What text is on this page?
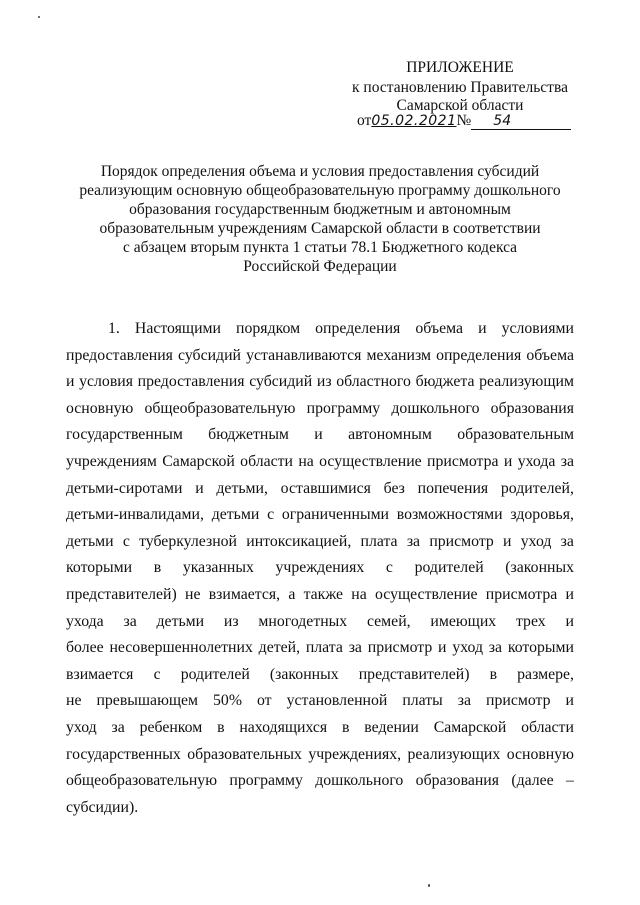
ПРИЛОЖЕНИЕ
к постановлению Правительства
Самарской области
от05.02.2021№ 54
Порядок определения объема и условия предоставления субсидий
реализующим основную общеобразовательную программу дошкольного
образования государственным бюджетным и автономным
образовательным учреждениям Самарской области в соответствии
с абзацем вторым пункта 1 статьи 78.1 Бюджетного кодекса
Российской Федерации
1. Настоящими порядком определения объема и условиями
предоставления субсидий устанавливаются механизм определения объема
и условия предоставления субсидий из областного бюджета реализующим
основную общеобразовательную программу дошкольного образования
государственным бюджетным и автономным образовательным
учреждениям Самарской области на осуществление присмотра и ухода за
детьми-сиротами и детьми, оставшимися без попечения родителей,
детьми-инвалидами, детьми с ограниченными возможностями здоровья,
детьми с туберкулезной интоксикацией, плата за присмотр и уход за
которыми в указанных учреждениях с родителей (законных
представителей) не взимается, а также на осуществление присмотра и
ухода за детьми из многодетных семей, имеющих трех и
более несовершеннолетних детей, плата за присмотр и уход за которыми
взимается с родителей (законных представителей) в размере,
не превышающем 50% от установленной платы за присмотр и
уход за ребенком в находящихся в ведении Самарской области
государственных образовательных учреждениях, реализующих основную
общеобразовательную программу дошкольного образования (далее –
субсидии).
